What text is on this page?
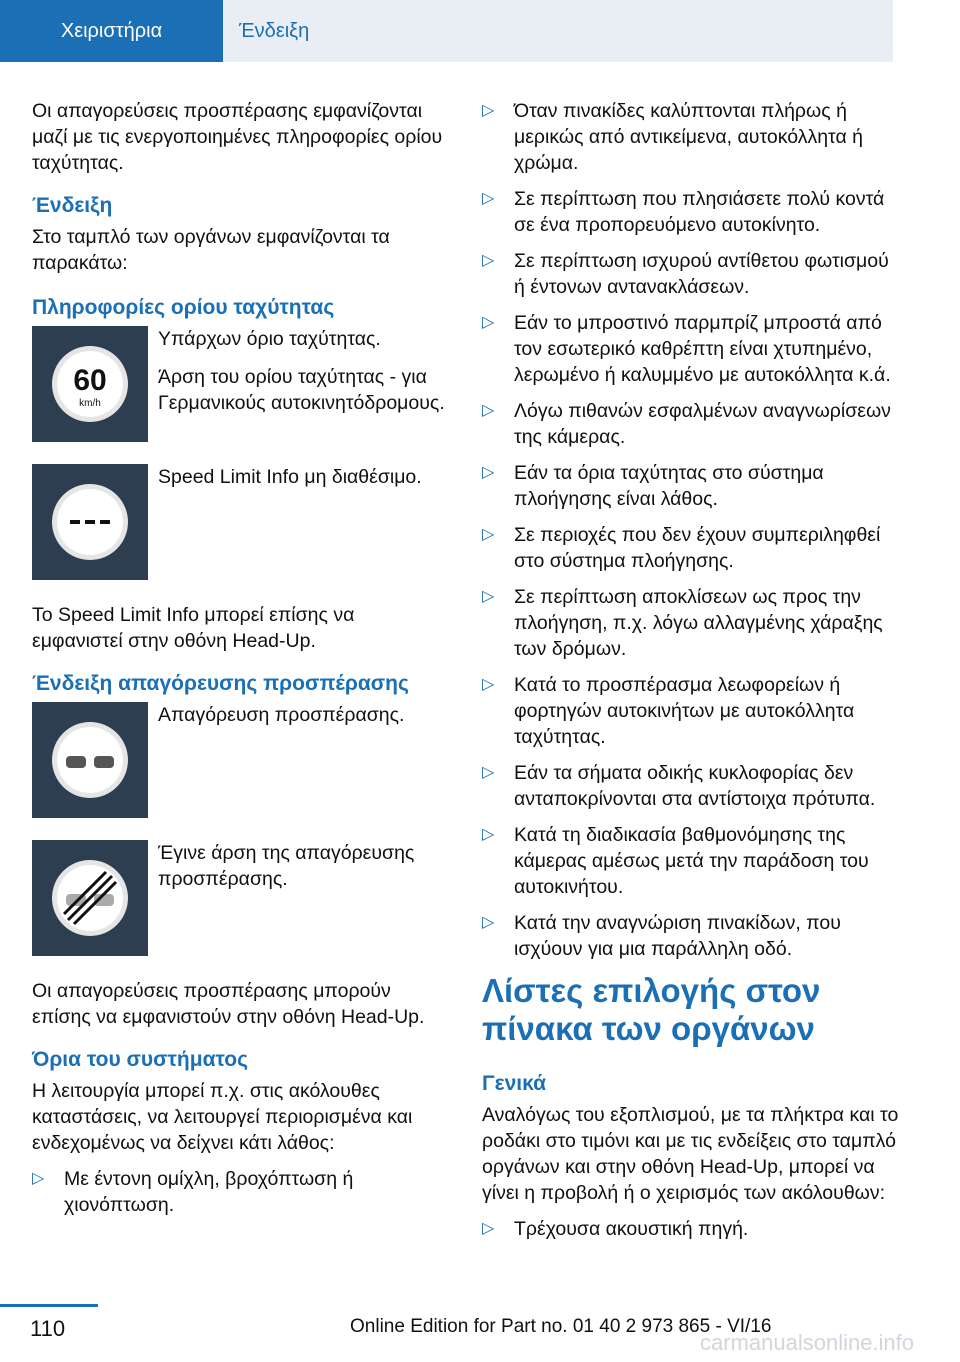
Χειριστήρια	Ένδειξη

Οι απαγορεύσεις προσπέρασης εμφανίζονται μαζί με τις ενεργοποιημένες πληροφορίες ορίου ταχύτητας.

Ένδειξη

Στο ταμπλό των οργάνων εμφανίζονται τα παρακάτω:

Πληροφορίες ορίου ταχύτητας
60
km/h

Υπάρχων όριο ταχύτητας.

Άρση του ορίου ταχύτητας - για Γερμανικούς αυτοκινητόδρομους.

Speed Limit Info μη διαθέσιμο.

Το Speed Limit Info μπορεί επίσης να εμφανιστεί στην οθόνη Head-Up.

Ένδειξη απαγόρευσης προσπέρασης

Απαγόρευση προσπέρασης.

Έγινε άρση της απαγόρευσης προσπέρασης.

Οι απαγορεύσεις προσπέρασης μπορούν επίσης να εμφανιστούν στην οθόνη Head-Up.

Όρια του συστήματος

Η λειτουργία μπορεί π.χ. στις ακόλουθες καταστάσεις, να λειτουργεί περιορισμένα και ενδεχομένως να δείχνει κάτι λάθος:

▷ Με έντονη ομίχλη, βροχόπτωση ή χιονόπτωση.
▷ Όταν πινακίδες καλύπτονται πλήρως ή μερικώς από αντικείμενα, αυτοκόλλητα ή χρώμα.
▷ Σε περίπτωση που πλησιάσετε πολύ κοντά σε ένα προπορευόμενο αυτοκίνητο.
▷ Σε περίπτωση ισχυρού αντίθετου φωτισμού ή έντονων αντανακλάσεων.
▷ Εάν το μπροστινό παρμπρίζ μπροστά από τον εσωτερικό καθρέπτη είναι χτυπημένο, λερωμένο ή καλυμμένο με αυτοκόλλητα κ.ά.
▷ Λόγω πιθανών εσφαλμένων αναγνωρίσεων της κάμερας.
▷ Εάν τα όρια ταχύτητας στο σύστημα πλοήγησης είναι λάθος.
▷ Σε περιοχές που δεν έχουν συμπεριληφθεί στο σύστημα πλοήγησης.
▷ Σε περίπτωση αποκλίσεων ως προς την πλοήγηση, π.χ. λόγω αλλαγμένης χάραξης των δρόμων.
▷ Κατά το προσπέρασμα λεωφορείων ή φορτηγών αυτοκινήτων με αυτοκόλλητα ταχύτητας.
▷ Εάν τα σήματα οδικής κυκλοφορίας δεν ανταποκρίνονται στα αντίστοιχα πρότυπα.
▷ Κατά τη διαδικασία βαθμονόμησης της κάμερας αμέσως μετά την παράδοση του αυτοκινήτου.
▷ Κατά την αναγνώριση πινακίδων, που ισχύουν για μια παράλληλη οδό.
Λίστες επιλογής στον πίνακα των οργάνων
Γενικά

Αναλόγως του εξοπλισμού, με τα πλήκτρα και το ροδάκι στο τιμόνι και με τις ενδείξεις στο ταμπλό οργάνων και στην οθόνη Head-Up, μπορεί να γίνει η προβολή ή ο χειρισμός των ακόλουθων:

▷ Τρέχουσα ακουστική πηγή.
110	Online Edition for Part no. 01 40 2 973 865 - VI/16
carmanualsonline.info
